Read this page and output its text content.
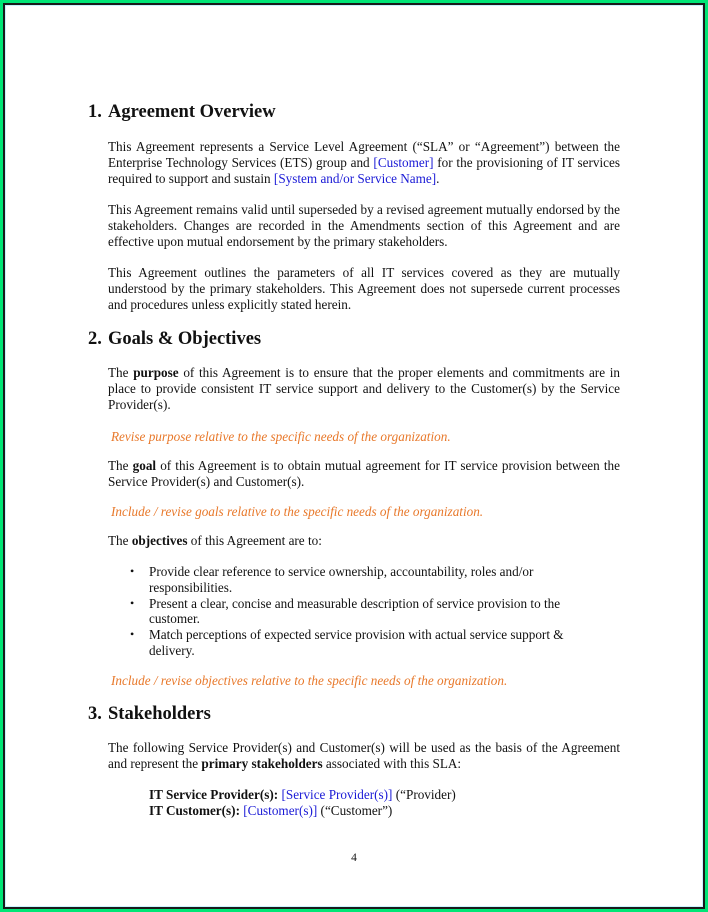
1. Agreement Overview
This Agreement represents a Service Level Agreement (“SLA” or “Agreement”) between the Enterprise Technology Services (ETS) group and [Customer] for the provisioning of IT services required to support and sustain [System and/or Service Name].
This Agreement remains valid until superseded by a revised agreement mutually endorsed by the stakeholders. Changes are recorded in the Amendments section of this Agreement and are effective upon mutual endorsement by the primary stakeholders.
This Agreement outlines the parameters of all IT services covered as they are mutually understood by the primary stakeholders. This Agreement does not supersede current processes and procedures unless explicitly stated herein.
2. Goals & Objectives
The purpose of this Agreement is to ensure that the proper elements and commitments are in place to provide consistent IT service support and delivery to the Customer(s) by the Service Provider(s).
Revise purpose relative to the specific needs of the organization.
The goal of this Agreement is to obtain mutual agreement for IT service provision between the Service Provider(s) and Customer(s).
Include / revise goals relative to the specific needs of the organization.
The objectives of this Agreement are to:
• Provide clear reference to service ownership, accountability, roles and/or responsibilities.
• Present a clear, concise and measurable description of service provision to the customer.
• Match perceptions of expected service provision with actual service support & delivery.
Include / revise objectives relative to the specific needs of the organization.
3. Stakeholders
The following Service Provider(s) and Customer(s) will be used as the basis of the Agreement and represent the primary stakeholders associated with this SLA:
IT Service Provider(s): [Service Provider(s)] (“Provider)
IT Customer(s): [Customer(s)] (“Customer”)
4
